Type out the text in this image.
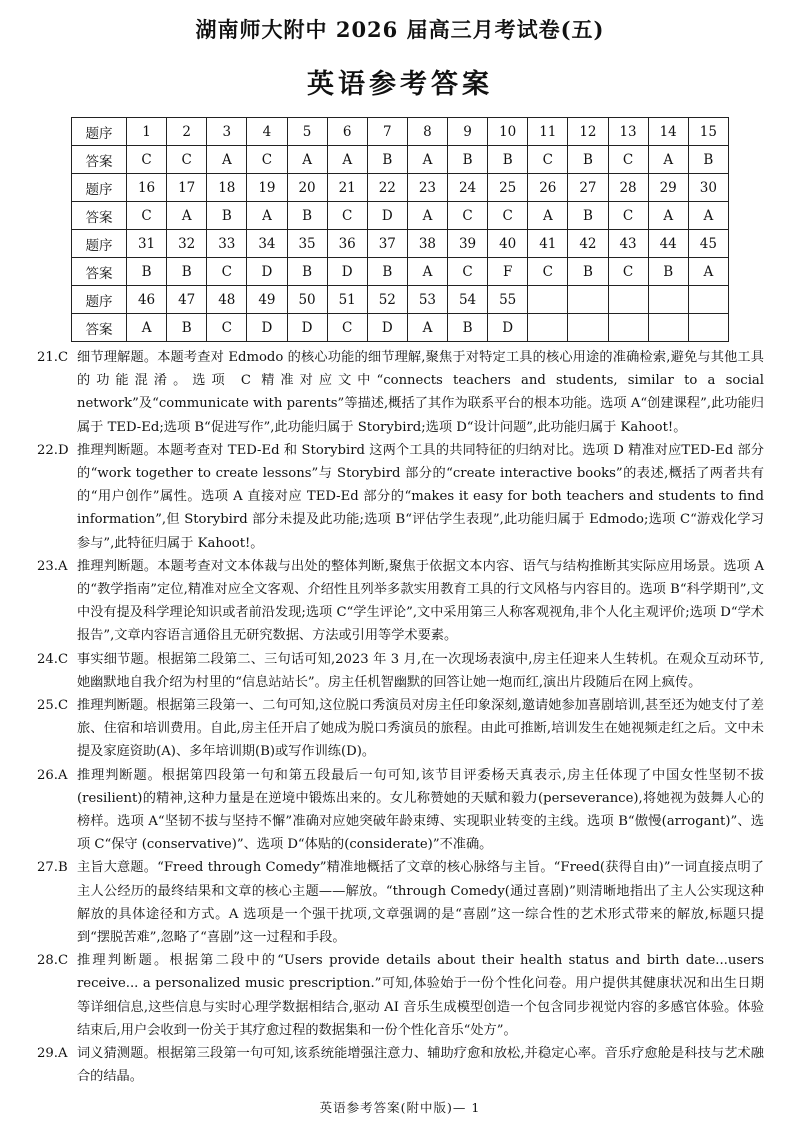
湖南师大附中 2026 届高三月考试卷(五)
英语参考答案
题序	1	2	3	4	5	6	7	8	9	10	11	12	13	14	15
答案	C	C	A	C	A	A	B	A	B	B	C	B	C	A	B
题序	16	17	18	19	20	21	22	23	24	25	26	27	28	29	30
答案	C	A	B	A	B	C	D	A	C	C	A	B	C	A	A
题序	31	32	33	34	35	36	37	38	39	40	41	42	43	44	45
答案	B	B	C	D	B	D	B	A	C	F	C	B	C	B	A
题序	46	47	48	49	50	51	52	53	54	55					
答案	A	B	C	D	D	C	D	A	B	D					
21.C 细节理解题。本题考查对 Edmodo 的核心功能的细节理解,聚焦于对特定工具的核心用途的准确检索,避免与其他工具的功能混淆。选项 C 精准对应文中“connects teachers and students, similar to a social network”及“communicate with parents”等描述,概括了其作为联系平台的根本功能。选项 A“创建课程”,此功能归属于 TED-Ed;选项 B“促进写作”,此功能归属于 Storybird;选项 D“设计问题”,此功能归属于 Kahoot!。
22.D 推理判断题。本题考查对 TED-Ed 和 Storybird 这两个工具的共同特征的归纳对比。选项 D 精准对应TED-Ed 部分的“work together to create lessons”与 Storybird 部分的“create interactive books”的表述,概括了两者共有的“用户创作”属性。选项 A 直接对应 TED-Ed 部分的“makes it easy for both teachers and students to find information”,但 Storybird 部分未提及此功能;选项 B“评估学生表现”,此功能归属于 Edmodo;选项 C“游戏化学习参与”,此特征归属于 Kahoot!。
23.A 推理判断题。本题考查对文本体裁与出处的整体判断,聚焦于依据文本内容、语气与结构推断其实际应用场景。选项 A 的“教学指南”定位,精准对应全文客观、介绍性且列举多款实用教育工具的行文风格与内容目的。选项 B“科学期刊”,文中没有提及科学理论知识或者前沿发现;选项 C“学生评论”,文中采用第三人称客观视角,非个人化主观评价;选项 D“学术报告”,文章内容语言通俗且无研究数据、方法或引用等学术要素。
24.C 事实细节题。根据第二段第二、三句话可知,2023 年 3 月,在一次现场表演中,房主任迎来人生转机。在观众互动环节,她幽默地自我介绍为村里的“信息站站长”。房主任机智幽默的回答让她一炮而红,演出片段随后在网上疯传。
25.C 推理判断题。根据第三段第一、二句可知,这位脱口秀演员对房主任印象深刻,邀请她参加喜剧培训,甚至还为她支付了差旅、住宿和培训费用。自此,房主任开启了她成为脱口秀演员的旅程。由此可推断,培训发生在她视频走红之后。文中未提及家庭资助(A)、多年培训期(B)或写作训练(D)。
26.A 推理判断题。根据第四段第一句和第五段最后一句可知,该节目评委杨天真表示,房主任体现了中国女性坚韧不拔(resilient)的精神,这种力量是在逆境中锻炼出来的。女儿称赞她的天赋和毅力(perseverance),将她视为鼓舞人心的榜样。选项 A“坚韧不拔与坚持不懈”准确对应她突破年龄束缚、实现职业转变的主线。选项 B“傲慢(arrogant)”、选项 C“保守 (conservative)”、选项 D“体贴的(considerate)”不准确。
27.B 主旨大意题。“Freed through Comedy”精准地概括了文章的核心脉络与主旨。“Freed(获得自由)”一词直接点明了主人公经历的最终结果和文章的核心主题——解放。“through Comedy(通过喜剧)”则清晰地指出了主人公实现这种解放的具体途径和方式。A 选项是一个强干扰项,文章强调的是“喜剧”这一综合性的艺术形式带来的解放,标题只提到“摆脱苦难”,忽略了“喜剧”这一过程和手段。
28.C 推理判断题。根据第二段中的“Users provide details about their health status and birth date...users receive... a personalized music prescription.”可知,体验始于一份个性化问卷。用户提供其健康状况和出生日期等详细信息,这些信息与实时心理学数据相结合,驱动 AI 音乐生成模型创造一个包含同步视觉内容的多感官体验。体验结束后,用户会收到一份关于其疗愈过程的数据集和一份个性化音乐“处方”。
29.A 词义猜测题。根据第三段第一句可知,该系统能增强注意力、辅助疗愈和放松,并稳定心率。音乐疗愈舱是科技与艺术融合的结晶。
英语参考答案(附中版)— 1
